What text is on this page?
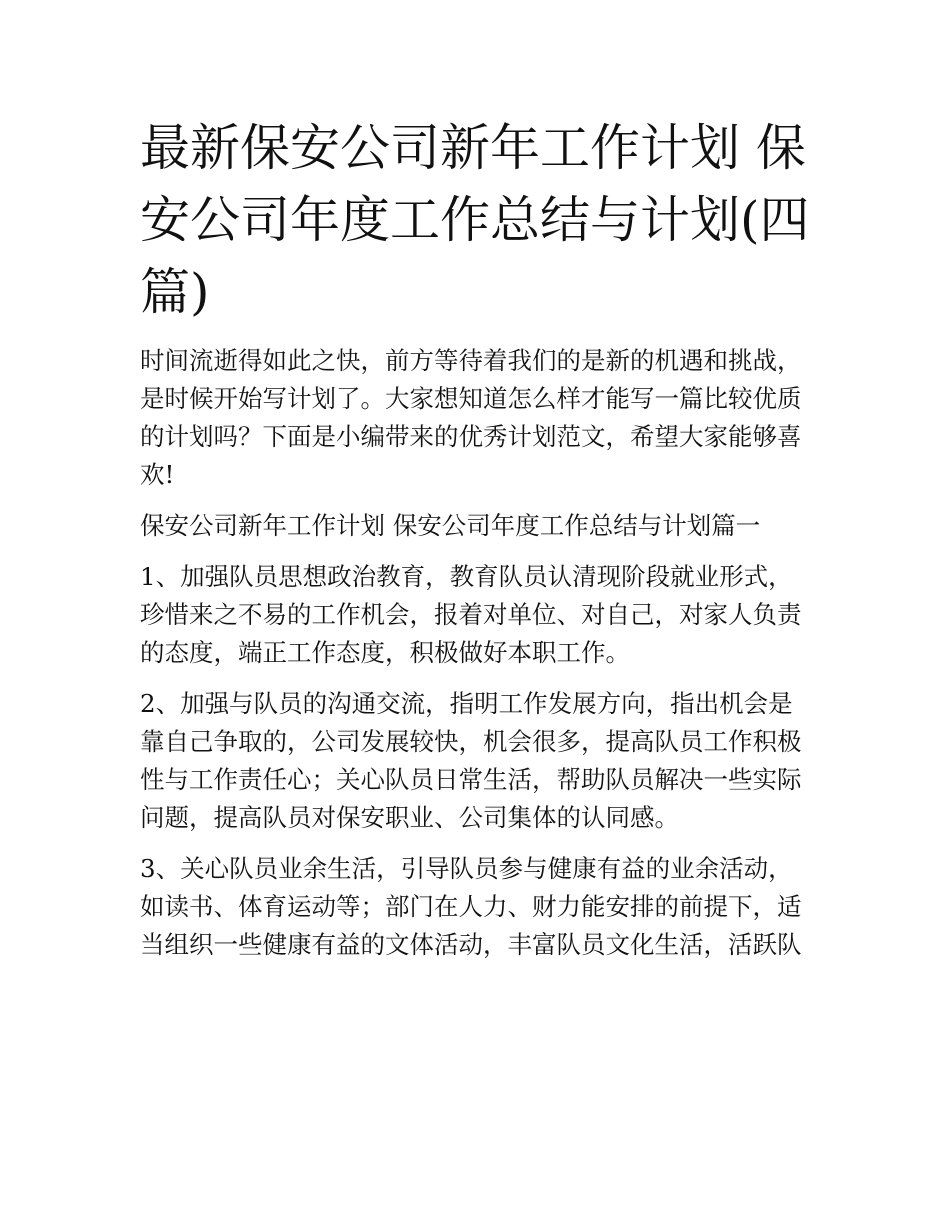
最新保安公司新年工作计划 保
安公司年度工作总结与计划(四
篇)

时间流逝得如此之快，前方等待着我们的是新的机遇和挑战，
是时候开始写计划了。大家想知道怎么样才能写一篇比较优质
的计划吗？下面是小编带来的优秀计划范文，希望大家能够喜
欢!

保安公司新年工作计划 保安公司年度工作总结与计划篇一

1、加强队员思想政治教育，教育队员认清现阶段就业形式，
珍惜来之不易的工作机会，报着对单位、对自己，对家人负责
的态度，端正工作态度，积极做好本职工作。

2、加强与队员的沟通交流，指明工作发展方向，指出机会是
靠自己争取的，公司发展较快，机会很多，提高队员工作积极
性与工作责任心；关心队员日常生活，帮助队员解决一些实际
问题，提高队员对保安职业、公司集体的认同感。

3、关心队员业余生活，引导队员参与健康有益的业余活动，
如读书、体育运动等；部门在人力、财力能安排的前提下，适
当组织一些健康有益的文体活动，丰富队员文化生活，活跃队
